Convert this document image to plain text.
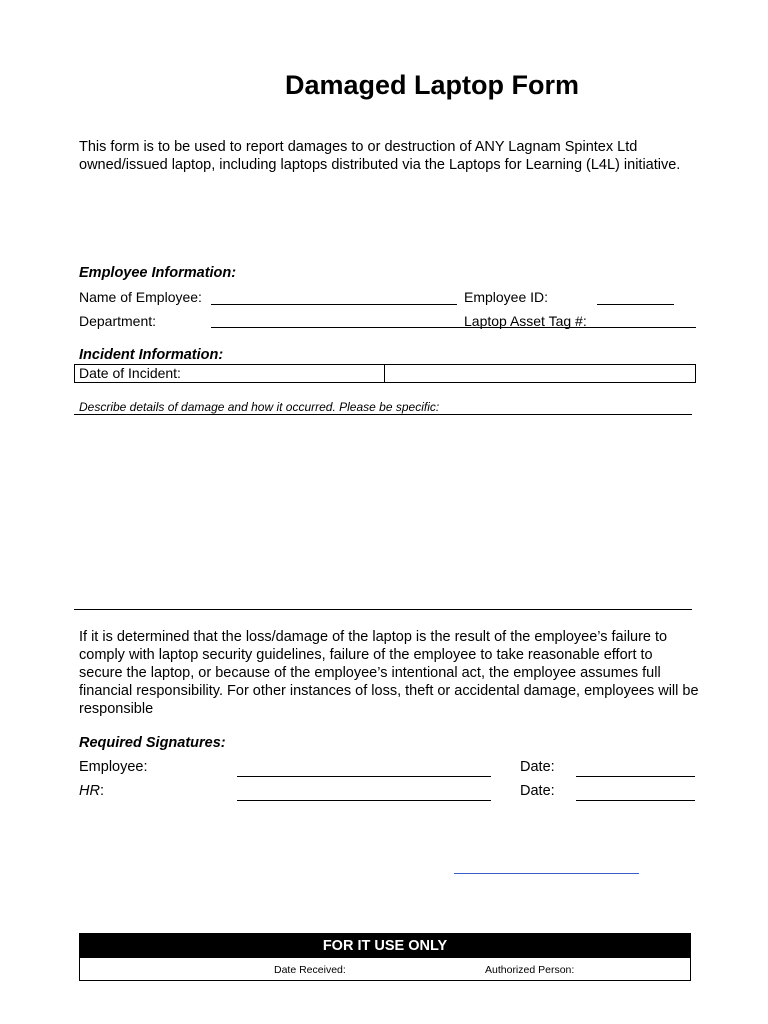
Damaged Laptop Form
This form is to be used to report damages to or destruction of ANY Lagnam Spintex Ltd owned/issued laptop, including laptops distributed via the Laptops for Learning (L4L) initiative.
Employee Information:
Name of Employee:	Employee ID:
Department:	Laptop Asset Tag #:
Incident Information:
Date of Incident:
Describe details of damage and how it occurred. Please be specific:
If it is determined that the loss/damage of the laptop is the result of the employee’s failure to comply with laptop security guidelines, failure of the employee to take reasonable effort to secure the laptop, or because of the employee’s intentional act, the employee assumes full financial responsibility. For other instances of loss, theft or accidental damage, employees will be responsible
Required Signatures:
Employee:	Date:
HR:	Date:
FOR IT USE ONLY
Date Received:	Authorized Person:
